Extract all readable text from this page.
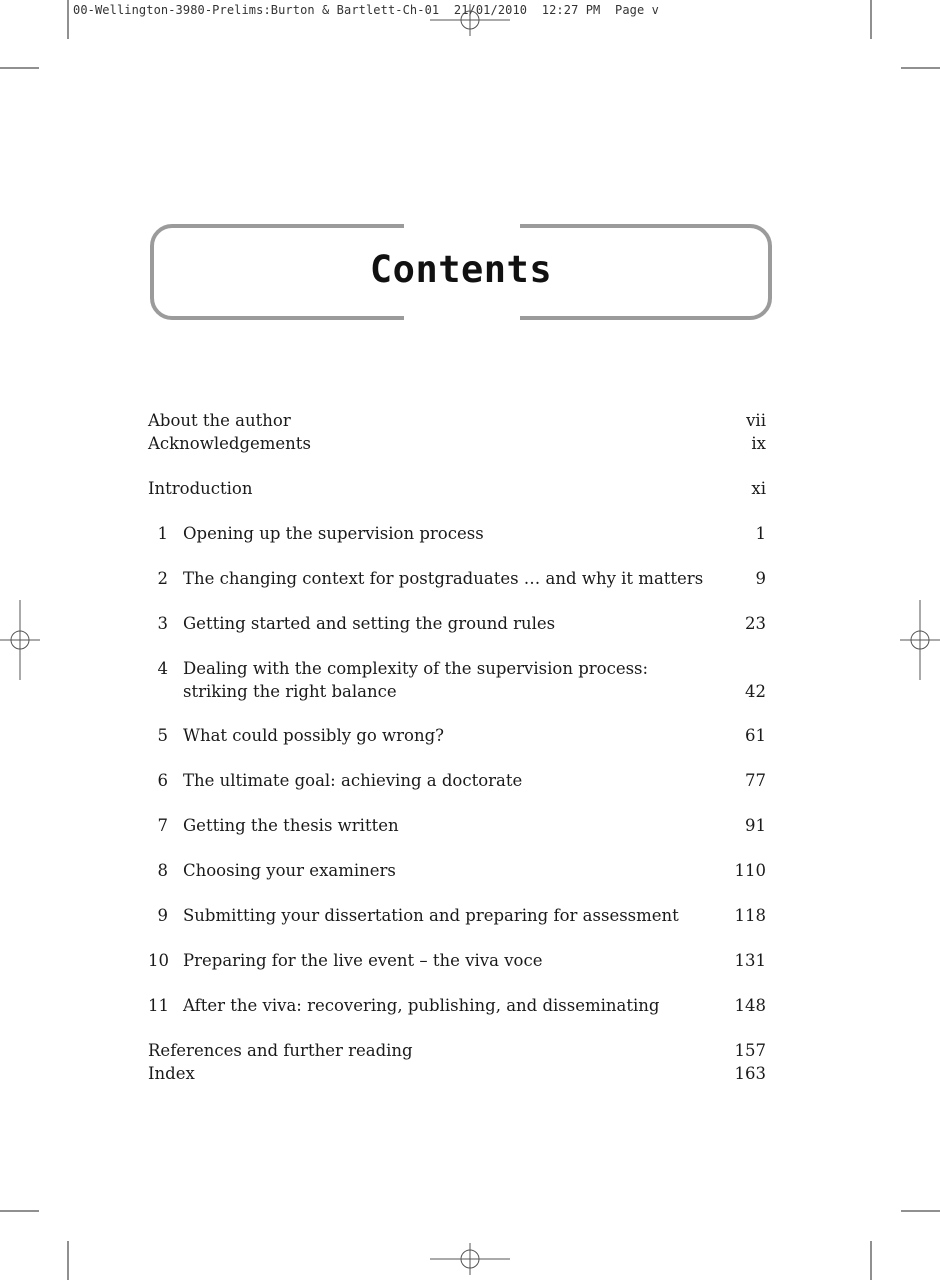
00-Wellington-3980-Prelims:Burton & Bartlett-Ch-01  21/01/2010  12:27 PM  Page v
Contents
About the author	vii
Acknowledgements	ix
Introduction	xi
1 Opening up the supervision process	1
2 The changing context for postgraduates … and why it matters	9
3 Getting started and setting the ground rules	23
4 Dealing with the complexity of the supervision process:
striking the right balance	42
5 What could possibly go wrong?	61
6 The ultimate goal: achieving a doctorate	77
7 Getting the thesis written	91
8 Choosing your examiners	110
9 Submitting your dissertation and preparing for assessment	118
10 Preparing for the live event – the viva voce	131
11 After the viva: recovering, publishing, and disseminating	148
References and further reading	157
Index	163
